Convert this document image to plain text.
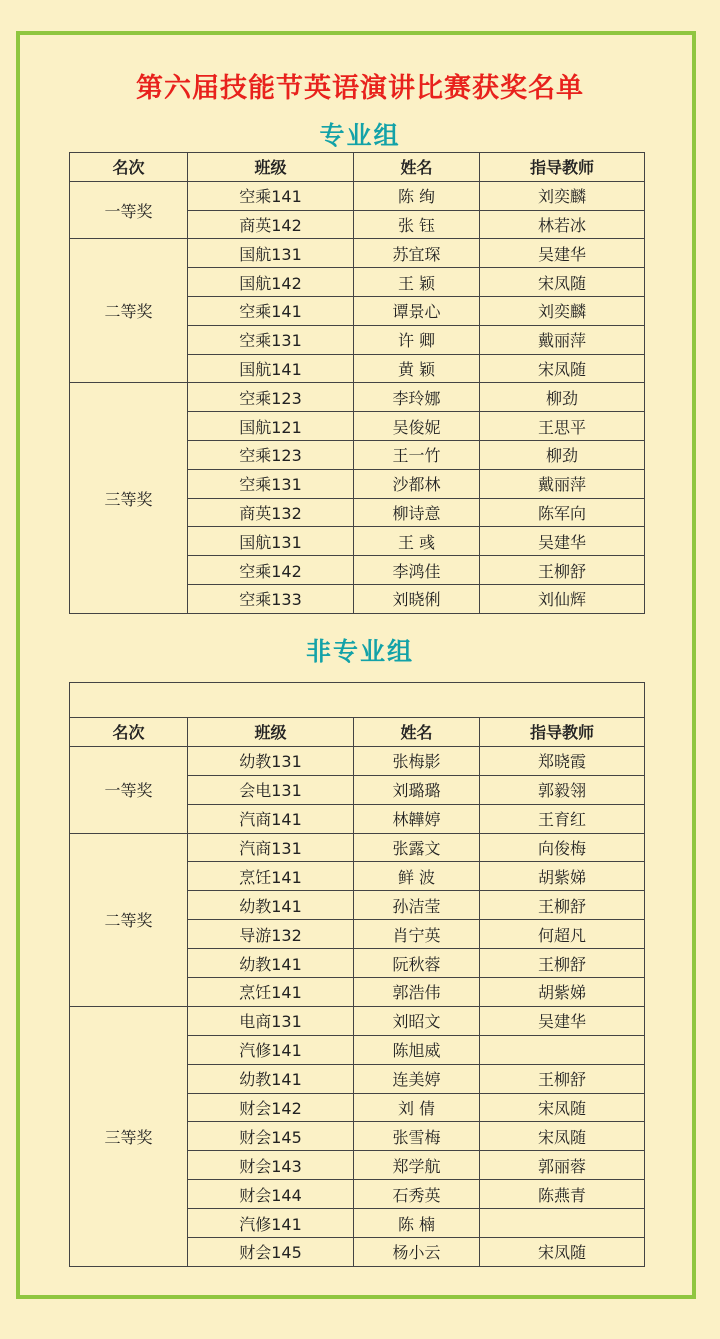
第六届技能节英语演讲比赛获奖名单
专业组
名次	班级	姓名	指导教师
一等奖	空乘141	陈 绚	刘奕麟
	商英142	张 钰	林若冰
二等奖	国航131	苏宜琛	吴建华
	国航142	王 颖	宋凤随
	空乘141	谭景心	刘奕麟
	空乘131	许 卿	戴丽萍
	国航141	黄 颖	宋凤随
三等奖	空乘123	李玲娜	柳劲
	国航121	吴俊妮	王思平
	空乘123	王一竹	柳劲
	空乘131	沙都林	戴丽萍
	商英132	柳诗意	陈军向
	国航131	王 彧	吴建华
	空乘142	李鸿佳	王柳舒
	空乘133	刘晓俐	刘仙辉
非专业组

名次	班级	姓名	指导教师
一等奖	幼教131	张梅影	郑晓霞
	会电131	刘璐璐	郭毅翎
	汽商141	林韡婷	王育红
二等奖	汽商131	张露文	向俊梅
	烹饪141	鲜 波	胡紫娣
	幼教141	孙洁莹	王柳舒
	导游132	肖宁英	何超凡
	幼教141	阮秋蓉	王柳舒
	烹饪141	郭浩伟	胡紫娣
三等奖	电商131	刘昭文	吴建华
	汽修141	陈旭威	
	幼教141	连美婷	王柳舒
	财会142	刘 倩	宋凤随
	财会145	张雪梅	宋凤随
	财会143	郑学航	郭丽蓉
	财会144	石秀英	陈燕青
	汽修141	陈 楠	
	财会145	杨小云	宋凤随
